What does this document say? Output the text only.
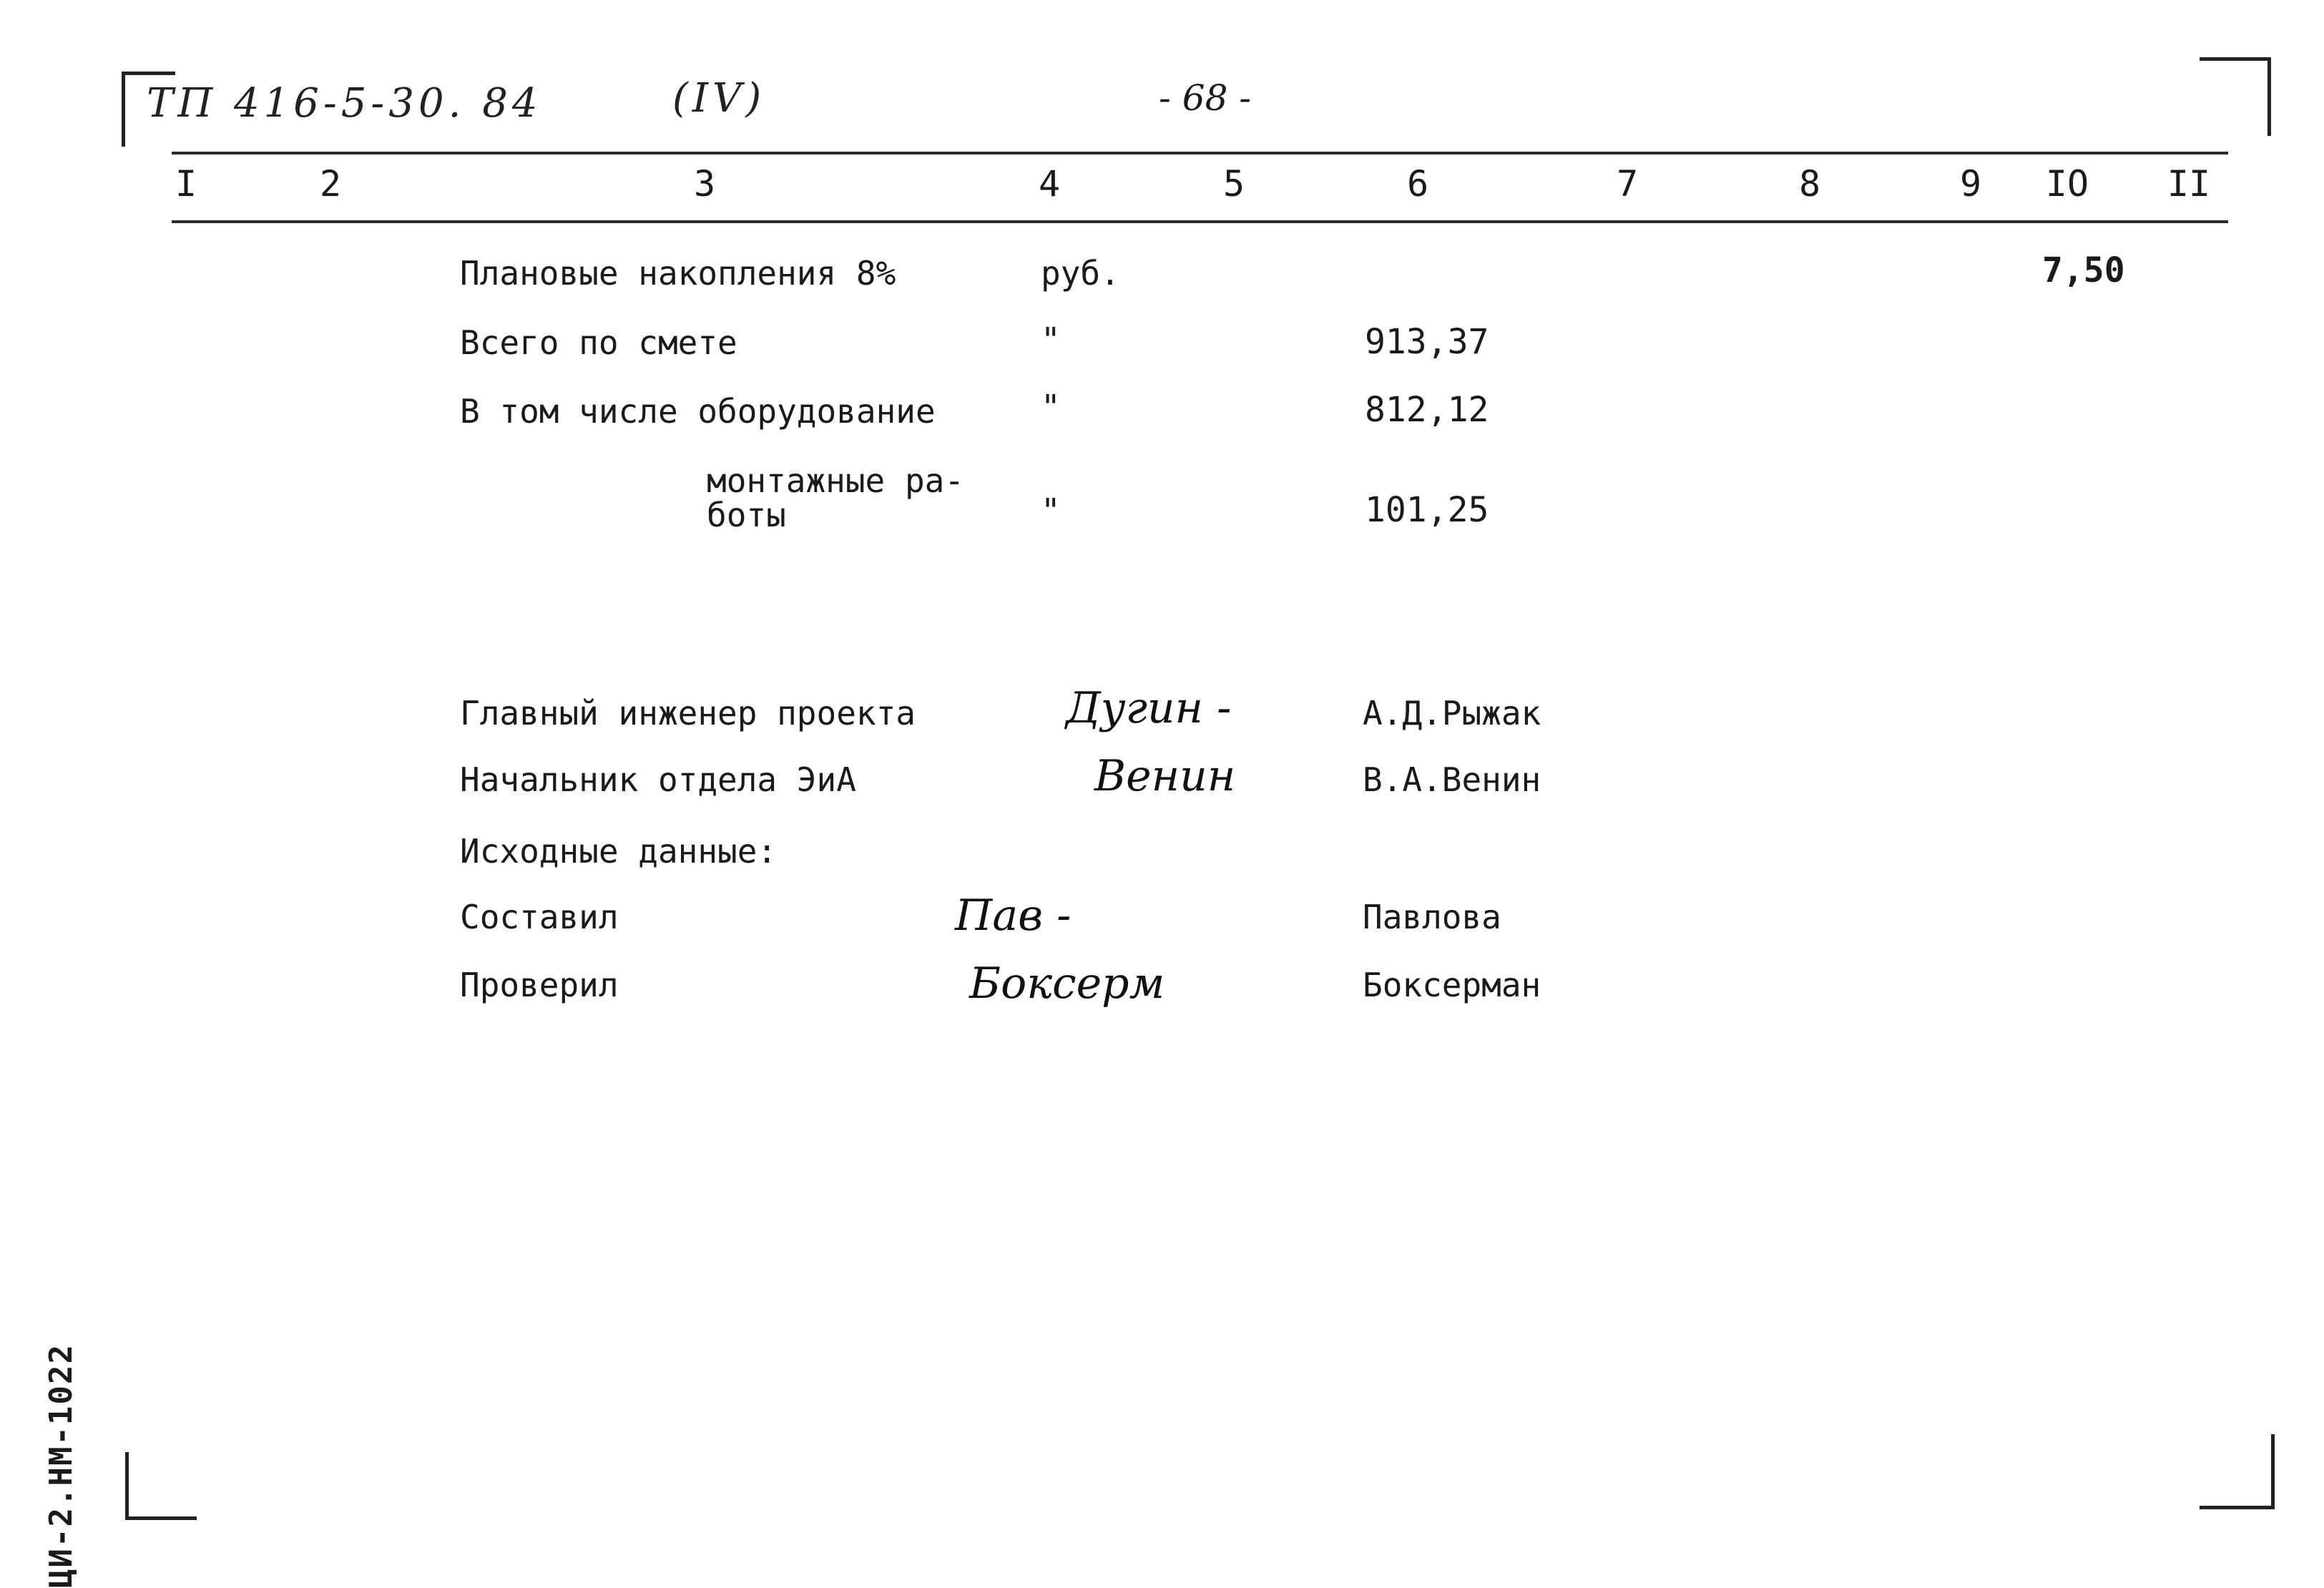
ТП 416-5-30. 84	(IV)	- 68 -
I	2	3	4	5	6	7	8	9 IO II
Плановые накопления 8%	руб.	7,50
Всего по смете	"	913,37
В том числе оборудование	"	812,12
монтажные ра-
боты	"	101,25
Главный инженер проекта	Дугин -	А.Д.Рыжак
Начальник отдела ЭиА	Венин	В.А.Венин
Исходные данные:
Составил	Пав -	Павлова
Проверил	Боксерм	Боксерман
ЦИ-2.НМ-1022
